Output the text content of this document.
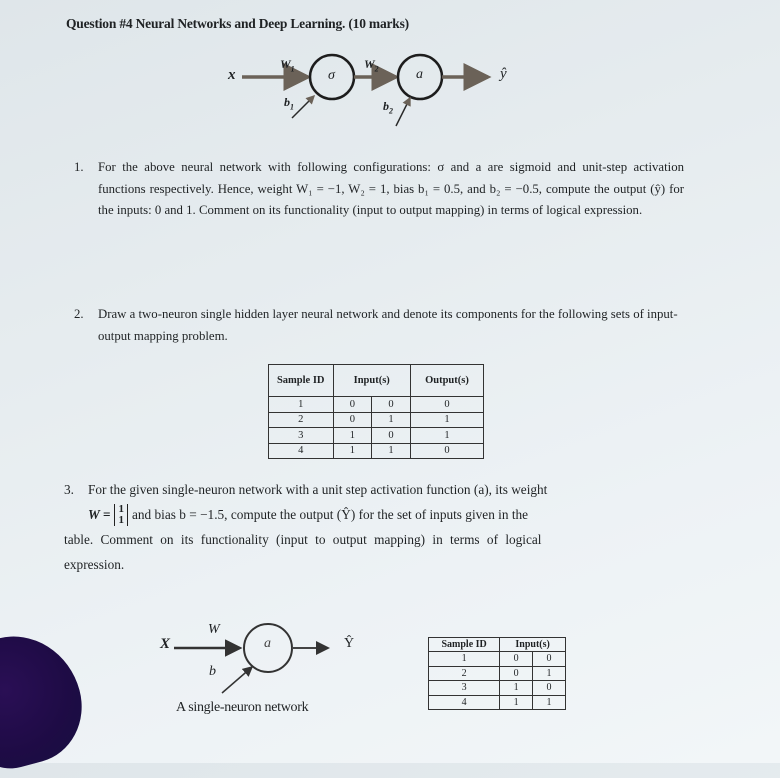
Question #4 Neural Networks and Deep Learning. (10 marks)
x
$W_1$	$W_2$
$b_1$	$b_2$
σ	a	ŷ
1. For the above neural network with following configurations: σ and a are sigmoid and unit-step activation functions respectively. Hence, weight W₁ = −1, W₂ = 1, bias b₁ = 0.5, and b₂ = −0.5, compute the output (ŷ) for the inputs: 0 and 1. Comment on its functionality (input to output mapping) in terms of logical expression.
2. Draw a two-neuron single hidden layer neural network and denote its components for the following sets of input-output mapping problem.
Sample ID	Input(s)		Output(s)
1	0	0	0
2	0	1	1
3	1	0	1
4	1	1	0
3. For the given single-neuron network with a unit step activation function (a), its weight
W = 1
1 and bias b = −1.5, compute the output (Ŷ) for the set of inputs given in the
table. Comment on its functionality (input to output mapping) in terms of logical
expression.
X
W
b
a	Ŷ
A single-neuron network
Sample ID	Input(s)	
1	0	0
2	0	1
3	1	0
4	1	1
